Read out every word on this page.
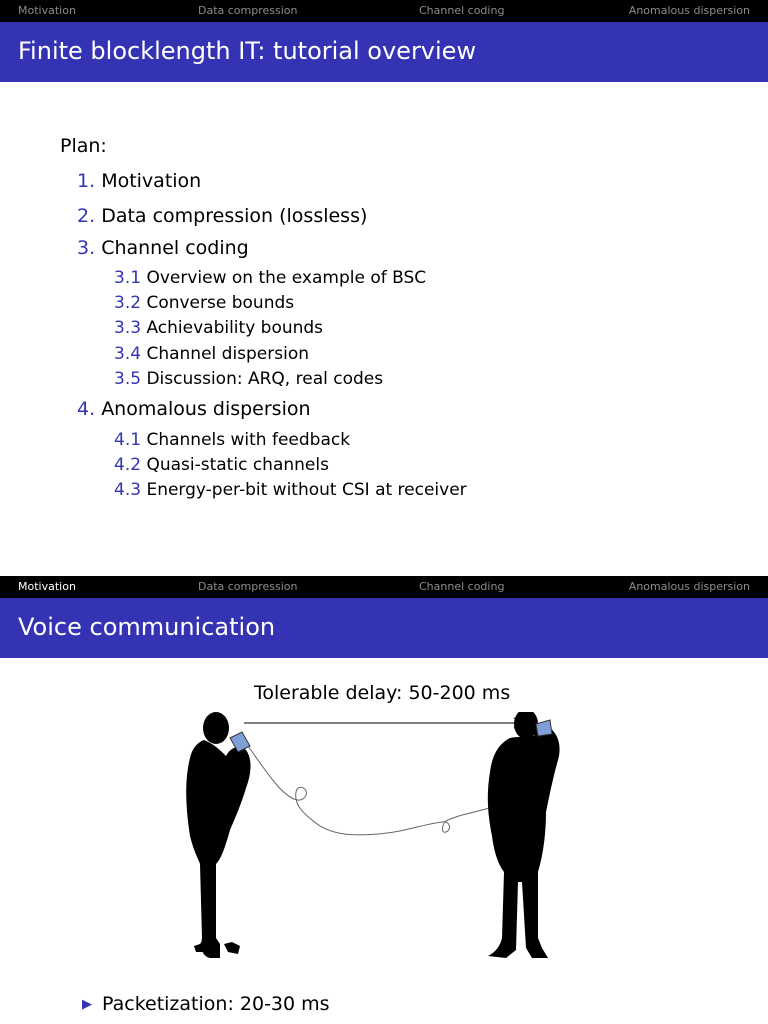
Motivation	Data compression	Channel coding	Anomalous dispersion
Finite blocklength IT: tutorial overview
Plan:
1. Motivation
2. Data compression (lossless)
3. Channel coding
3.1 Overview on the example of BSC
3.2 Converse bounds
3.3 Achievability bounds
3.4 Channel dispersion
3.5 Discussion: ARQ, real codes
4. Anomalous dispersion
4.1 Channels with feedback
4.2 Quasi-static channels
4.3 Energy-per-bit without CSI at receiver
Motivation	Data compression	Channel coding	Anomalous dispersion
Voice communication
Tolerable delay: 50-200 ms
▶ Packetization: 20-30 ms
